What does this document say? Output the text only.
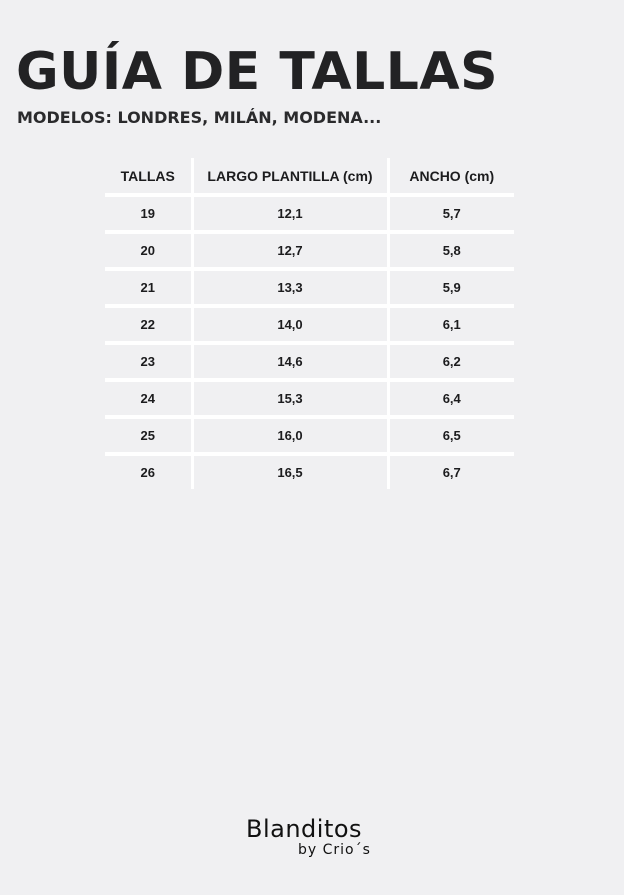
GUÍA DE TALLAS
MODELOS: LONDRES, MILÁN, MODENA...
TALLAS	LARGO PLANTILLA (cm)	ANCHO (cm)
19	12,1	5,7
20	12,7	5,8
21	13,3	5,9
22	14,0	6,1
23	14,6	6,2
24	15,3	6,4
25	16,0	6,5
26	16,5	6,7
Blanditos
by Crio´s
